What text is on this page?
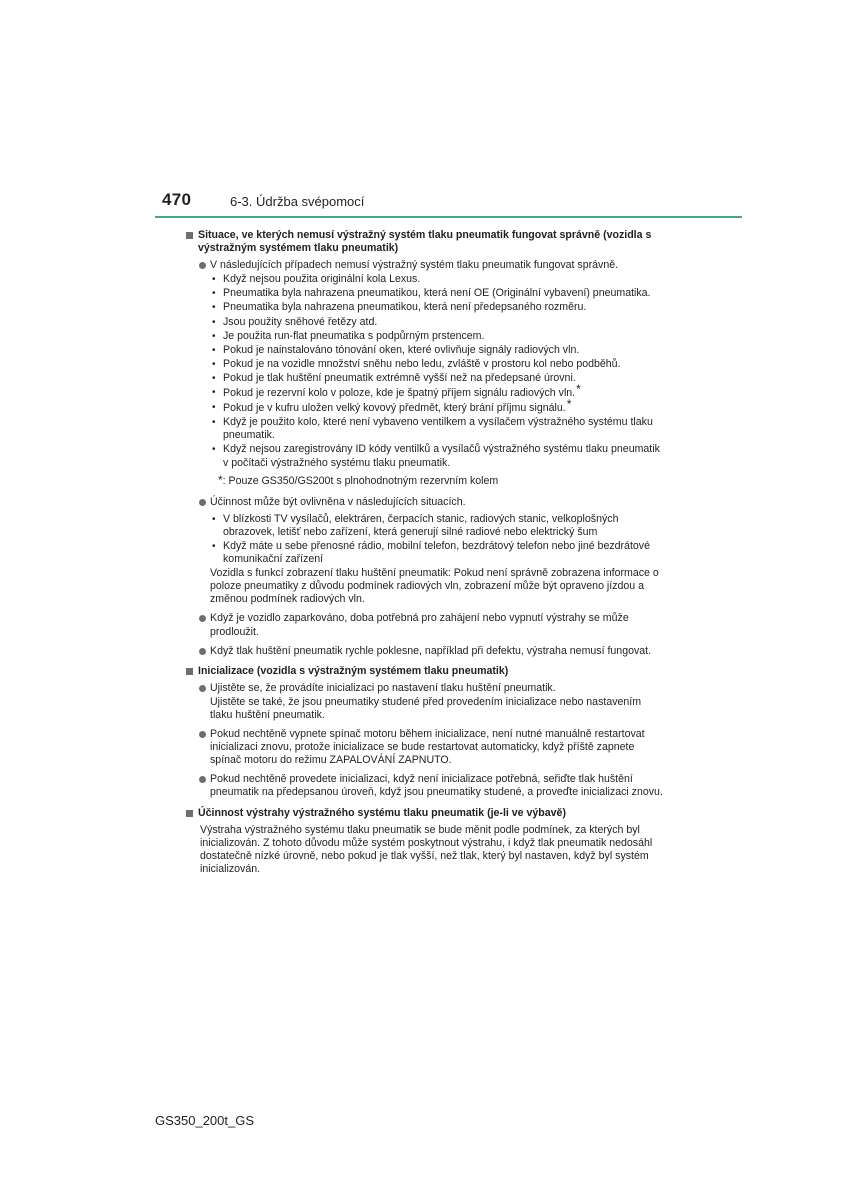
470	6-3. Údržba svépomocí
Situace, ve kterých nemusí výstražný systém tlaku pneumatik fungovat správně (vozidla s výstražným systémem tlaku pneumatik)
V následujících případech nemusí výstražný systém tlaku pneumatik fungovat správně.
• Když nejsou použita originální kola Lexus.
• Pneumatika byla nahrazena pneumatikou, která není OE (Originální vybavení) pneumatika.
• Pneumatika byla nahrazena pneumatikou, která není předepsaného rozměru.
• Jsou použity sněhové řetězy atd.
• Je použita run-flat pneumatika s podpůrným prstencem.
• Pokud je nainstalováno tónování oken, které ovlivňuje signály radiových vln.
• Pokud je na vozidle množství sněhu nebo ledu, zvláště v prostoru kol nebo podběhů.
• Pokud je tlak huštění pneumatik extrémně vyšší než na předepsané úrovni.
• Pokud je rezervní kolo v poloze, kde je špatný příjem signálu radiových vln.*
• Pokud je v kufru uložen velký kovový předmět, který brání příjmu signálu.*
• Když je použito kolo, které není vybaveno ventilkem a vysílačem výstražného systému tlaku pneumatik.
• Když nejsou zaregistrovány ID kódy ventilků a vysílačů výstražného systému tlaku pneumatik v počítači výstražného systému tlaku pneumatik.
*: Pouze GS350/GS200t s plnohodnotným rezervním kolem
Účinnost může být ovlivněna v následujících situacích.
• V blízkosti TV vysílačů, elektráren, čerpacích stanic, radiových stanic, velkoplošných obrazovek, letišť nebo zařízení, která generují silné radiové nebo elektrický šum
• Když máte u sebe přenosné rádio, mobilní telefon, bezdrátový telefon nebo jiné bezdrátové komunikační zařízení
Vozidla s funkcí zobrazení tlaku huštění pneumatik: Pokud není správně zobrazena informace o poloze pneumatiky z důvodu podmínek radiových vln, zobrazení může být opraveno jízdou a změnou podmínek radiových vln.
Když je vozidlo zaparkováno, doba potřebná pro zahájení nebo vypnutí výstrahy se může prodloužit.
Když tlak huštění pneumatik rychle poklesne, například při defektu, výstraha nemusí fungovat.
Inicializace (vozidla s výstražným systémem tlaku pneumatik)
Ujistěte se, že provádíte inicializaci po nastavení tlaku huštění pneumatik.
Ujistěte se také, že jsou pneumatiky studené před provedením inicializace nebo nastavením tlaku huštění pneumatik.
Pokud nechtěně vypnete spínač motoru během inicializace, není nutné manuálně restartovat inicializaci znovu, protože inicializace se bude restartovat automaticky, když příště zapnete spínač motoru do režimu ZAPALOVÁNÍ ZAPNUTO.
Pokud nechtěně provedete inicializaci, když není inicializace potřebná, seřiďte tlak huštění pneumatik na předepsanou úroveň, když jsou pneumatiky studené, a proveďte inicializaci znovu.
Účinnost výstrahy výstražného systému tlaku pneumatik (je-li ve výbavě)
Výstraha výstražného systému tlaku pneumatik se bude měnit podle podmínek, za kterých byl inicializován. Z tohoto důvodu může systém poskytnout výstrahu, i když tlak pneumatik nedosáhl dostatečně nízké úrovně, nebo pokud je tlak vyšší, než tlak, který byl nastaven, když byl systém inicializován.
GS350_200t_GS
